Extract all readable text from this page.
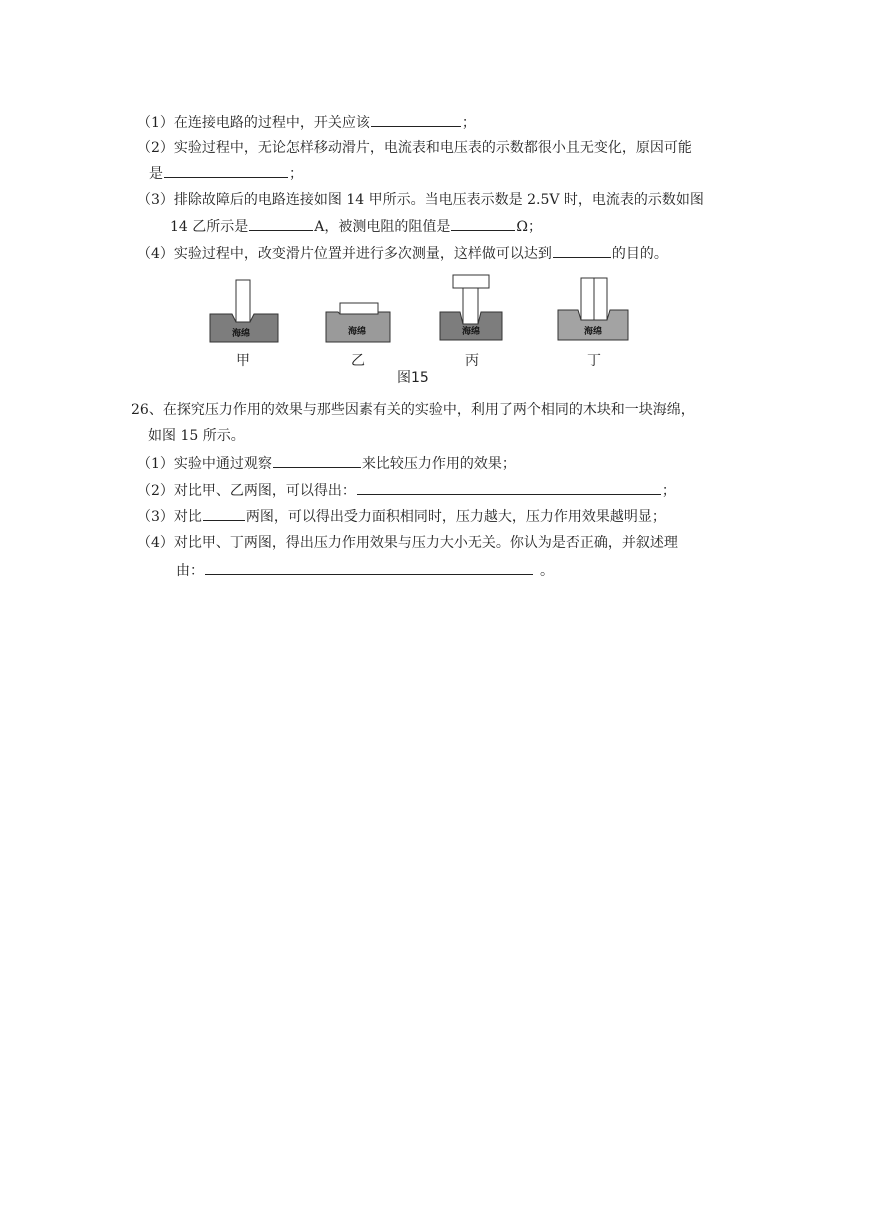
（1）在连接电路的过程中，开关应该	；
（2）实验过程中，无论怎样移动滑片，电流表和电压表的示数都很小且无变化，原因可能
是	；
（3）排除故障后的电路连接如图 14 甲所示。当电压表示数是 2.5V 时，电流表的示数如图
14 乙所示是	A，被测电阻的阻值是	Ω；
（4）实验过程中，改变滑片位置并进行多次测量，这样做可以达到	的目的。
海绵	海绵	海绵	海绵
甲	乙	丙	丁
图15
26、在探究压力作用的效果与那些因素有关的实验中，利用了两个相同的木块和一块海绵，
如图 15 所示。
（1）实验中通过观察	来比较压力作用的效果；
（2）对比甲、乙两图，可以得出：	；
（3）对比	两图，可以得出受力面积相同时，压力越大，压力作用效果越明显；
（4）对比甲、丁两图，得出压力作用效果与压力大小无关。你认为是否正确，并叙述理
由：	。
